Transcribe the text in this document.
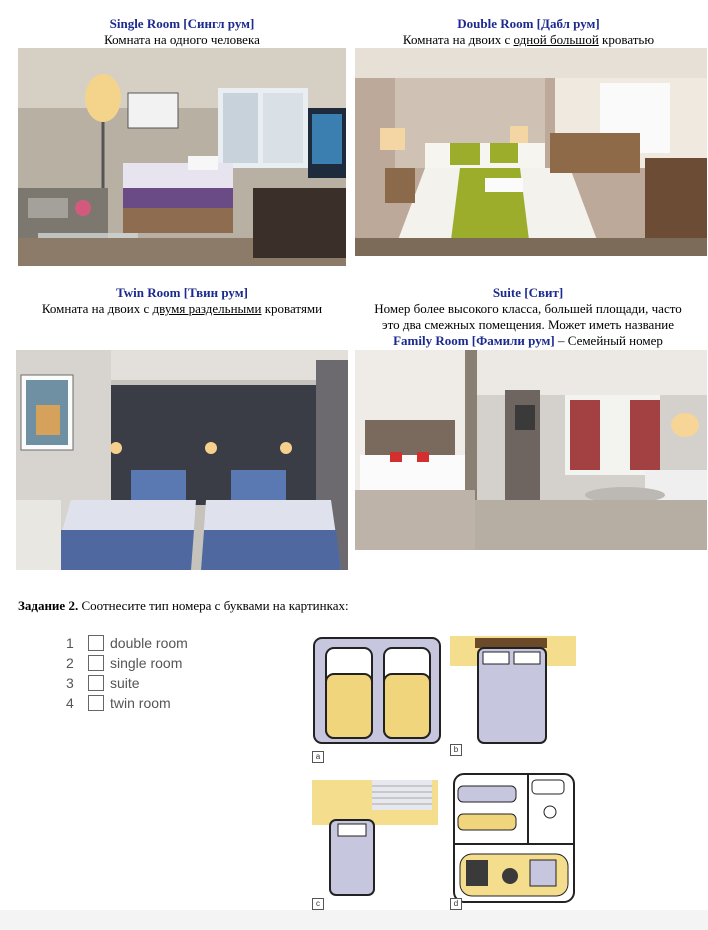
Single Room [Сингл рум]
Комната на одного человека
Double Room [Дабл рум]
Комната на двоих с одной большой кроватью
Twin Room [Твин рум]
Комната на двоих с двумя раздельными кроватями
Suite [Свит]
Номер более высокого класса, большей площади, часто
это два смежных помещения. Может иметь название
Family Room [Фамили рум] – Семейный номер
Задание 2. Соотнесите тип номера с буквами на картинках:
1	double room
2	single room
3	suite
4	twin room
a
b
c	d
